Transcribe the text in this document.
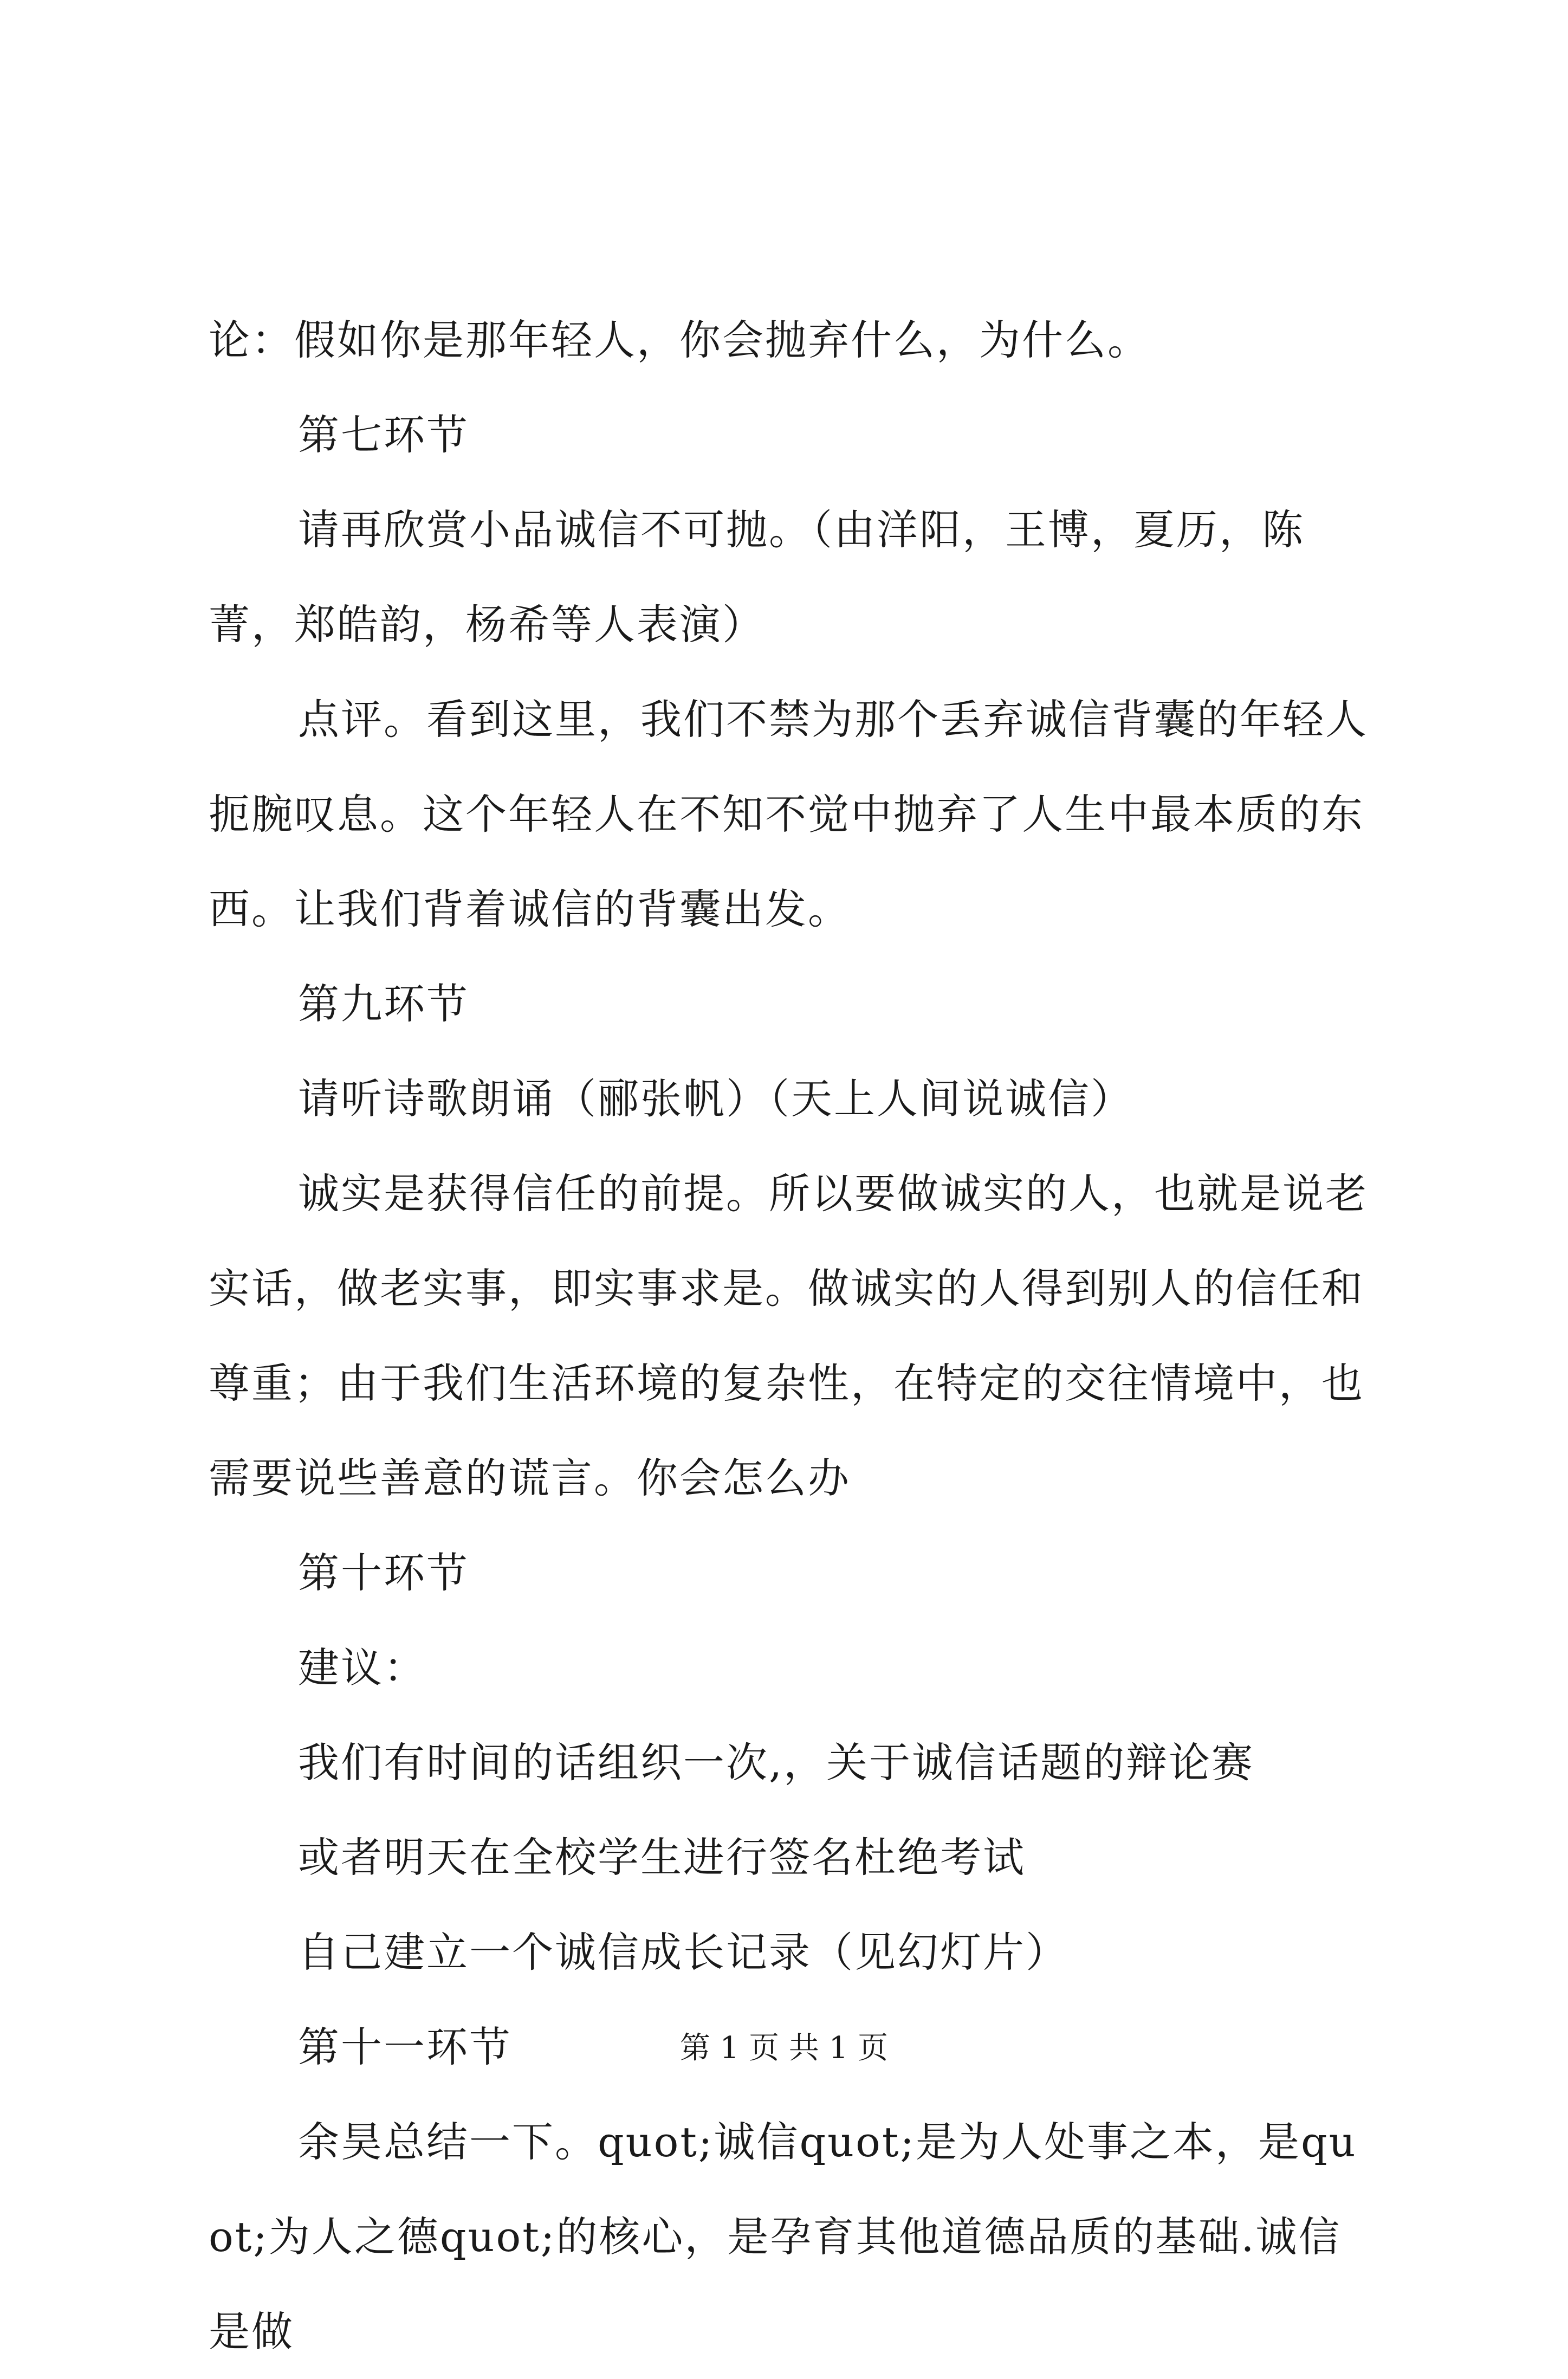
论：假如你是那年轻人，你会抛弃什么，为什么。

第七环节

请再欣赏小品诚信不可抛。（由洋阳，王博，夏历，陈菁，郑皓韵，杨希等人表演）

点评。看到这里，我们不禁为那个丢弃诚信背囊的年轻人扼腕叹息。这个年轻人在不知不觉中抛弃了人生中最本质的东西。让我们背着诚信的背囊出发。

第九环节

请听诗歌朗诵（郦张帆）（天上人间说诚信）

诚实是获得信任的前提。所以要做诚实的人，也就是说老实话，做老实事，即实事求是。做诚实的人得到别人的信任和尊重；由于我们生活环境的复杂性，在特定的交往情境中，也需要说些善意的谎言。你会怎么办

第十环节

建议：

我们有时间的话组织一次,，关于诚信话题的辩论赛

或者明天在全校学生进行签名杜绝考试

自己建立一个诚信成长记录（见幻灯片）

第十一环节

余昊总结一下。quot;诚信quot;是为人处事之本，是quot;为人之德quot;的核心，是孕育其他道德品质的基础.诚信是做

第 1 页 共 1 页
